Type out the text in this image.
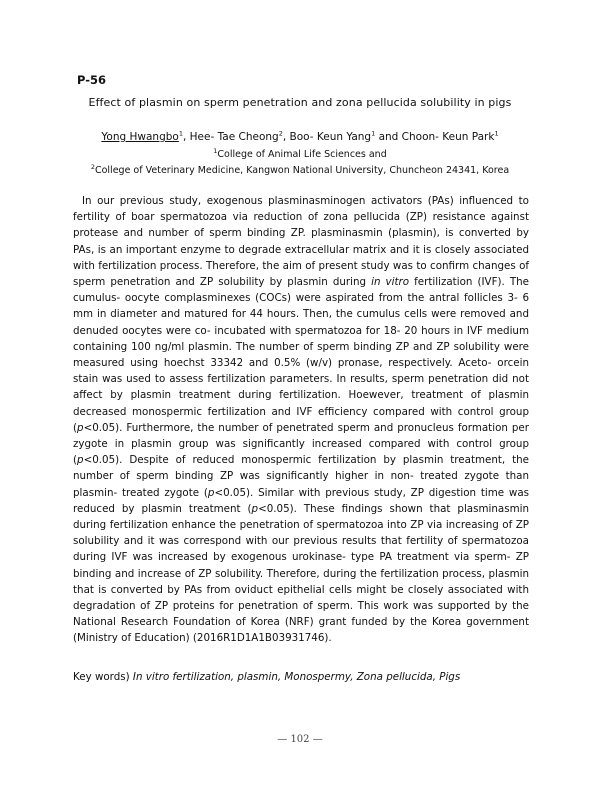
P-56
Effect of plasmin on sperm penetration and zona pellucida solubility in pigs
Yong Hwangbo$^1$, Hee- Tae Cheong$^2$, Boo- Keun Yang$^1$ and Choon- Keun Park$^1$
$^1$College of Animal Life Sciences and
$^2$College of Veterinary Medicine, Kangwon National University, Chuncheon 24341, Korea

In our previous study, exogenous plasminasminogen activators (PAs) influenced to fertility of boar spermatozoa via reduction of zona pellucida (ZP) resistance against protease and number of sperm binding ZP. plasminasmin (plasmin), is converted by PAs, is an important enzyme to degrade extracellular matrix and it is closely associated with fertilization process. Therefore, the aim of present study was to confirm changes of sperm penetration and ZP solubility by plasmin during in vitro fertilization (IVF). The cumulus- oocyte complasminexes (COCs) were aspirated from the antral follicles 3- 6 mm in diameter and matured for 44 hours. Then, the cumulus cells were removed and denuded oocytes were co- incubated with spermatozoa for 18- 20 hours in IVF medium containing 100 ng/ml plasmin. The number of sperm binding ZP and ZP solubility were measured using hoechst 33342 and 0.5% (w/v) pronase, respectively. Aceto- orcein stain was used to assess fertilization parameters. In results, sperm penetration did not affect by plasmin treatment during fertilization. Hoewever, treatment of plasmin decreased monospermic fertilization and IVF efficiency compared with control group (p<0.05). Furthermore, the number of penetrated sperm and pronucleus formation per zygote in plasmin group was significantly increased compared with control group (p<0.05). Despite of reduced monospermic fertilization by plasmin treatment, the number of sperm binding ZP was significantly higher in non- treated zygote than plasmin- treated zygote (p<0.05). Similar with previous study, ZP digestion time was reduced by plasmin treatment (p<0.05). These findings shown that plasminasmin during fertilization enhance the penetration of spermatozoa into ZP via increasing of ZP solubility and it was correspond with our previous results that fertility of spermatozoa during IVF was increased by exogenous urokinase- type PA treatment via sperm- ZP binding and increase of ZP solubility. Therefore, during the fertilization process, plasmin that is converted by PAs from oviduct epithelial cells might be closely associated with degradation of ZP proteins for penetration of sperm. This work was supported by the National Research Foundation of Korea (NRF) grant funded by the Korea government (Ministry of Education) (2016R1D1A1B03931746).

Key words) In vitro fertilization, plasmin, Monospermy, Zona pellucida, Pigs
— 102 —
